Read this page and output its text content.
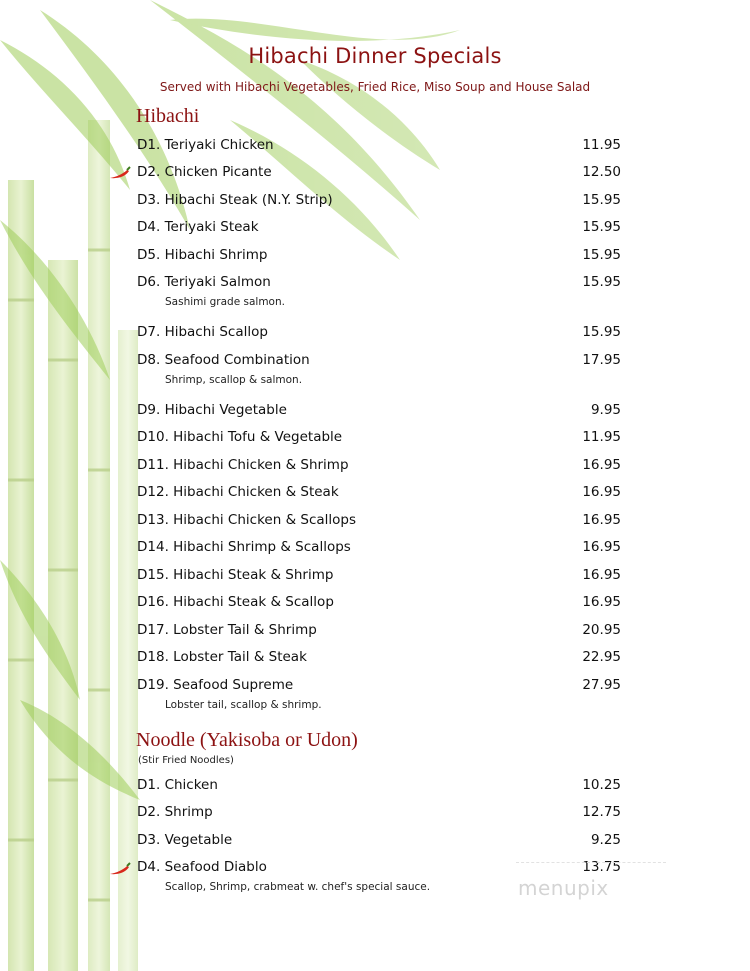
Hibachi Dinner Specials
Served with Hibachi Vegetables, Fried Rice, Miso Soup and House Salad
Hibachi
D1. Teriyaki Chicken	11.95
D2. Chicken Picante	12.50
D3. Hibachi Steak (N.Y. Strip)	15.95
D4. Teriyaki Steak	15.95
D5. Hibachi Shrimp	15.95
D6. Teriyaki Salmon	15.95
Sashimi grade salmon.
D7. Hibachi Scallop	15.95
D8. Seafood Combination	17.95
Shrimp, scallop & salmon.
D9. Hibachi Vegetable	9.95
D10. Hibachi Tofu & Vegetable	11.95
D11. Hibachi Chicken & Shrimp	16.95
D12. Hibachi Chicken & Steak	16.95
D13. Hibachi Chicken & Scallops	16.95
D14. Hibachi Shrimp & Scallops	16.95
D15. Hibachi Steak & Shrimp	16.95
D16. Hibachi Steak & Scallop	16.95
D17. Lobster Tail & Shrimp	20.95
D18. Lobster Tail & Steak	22.95
D19. Seafood Supreme	27.95
Lobster tail, scallop & shrimp.
Noodle (Yakisoba or Udon)
(Stir Fried Noodles)
D1. Chicken	10.25
D2. Shrimp	12.75
D3. Vegetable	9.25
D4. Seafood Diablo	13.75
Scallop, Shrimp, crabmeat w. chef's special sauce.	menupix
